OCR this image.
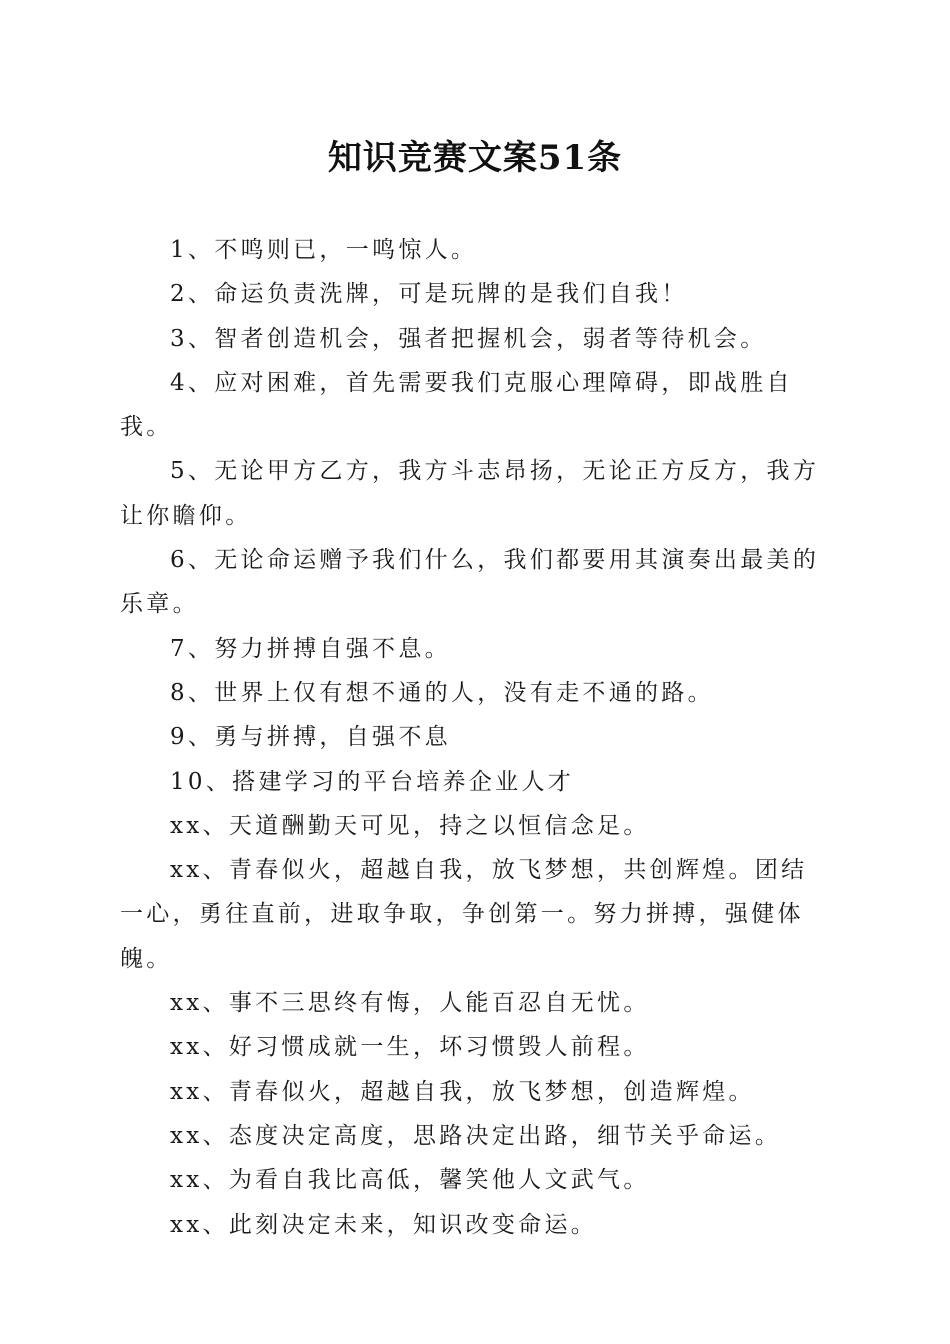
知识竞赛文案51条

1、不鸣则已，一鸣惊人。

2、命运负责洗牌，可是玩牌的是我们自我！

3、智者创造机会，强者把握机会，弱者等待机会。

4、应对困难，首先需要我们克服心理障碍，即战胜自我。

5、无论甲方乙方，我方斗志昂扬，无论正方反方，我方让你瞻仰。

6、无论命运赠予我们什么，我们都要用其演奏出最美的乐章。

7、努力拼搏自强不息。

8、世界上仅有想不通的人，没有走不通的路。

9、勇与拼搏，自强不息

10、搭建学习的平台培养企业人才

xx、天道酬勤天可见，持之以恒信念足。

xx、青春似火，超越自我，放飞梦想，共创辉煌。团结一心，勇往直前，进取争取，争创第一。努力拼搏，强健体魄。

xx、事不三思终有悔，人能百忍自无忧。

xx、好习惯成就一生，坏习惯毁人前程。

xx、青春似火，超越自我，放飞梦想，创造辉煌。

xx、态度决定高度，思路决定出路，细节关乎命运。

xx、为看自我比高低，馨笑他人文武气。

xx、此刻决定未来，知识改变命运。
